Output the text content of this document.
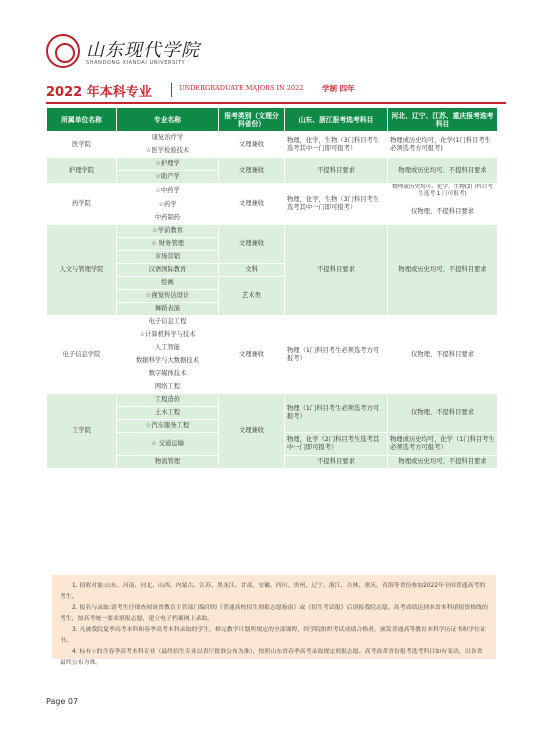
山东现代学院
SHANDONG XIANDAI UNIVERSITY
2022 年本科专业	UNDERGRADUATE MAJORS IN 2022 学制 四年
所属单位名称	专业名称	报考类别（文理分科省份）	山东、浙江报考选考科目	河北、辽宁、江苏、重庆报考选考科目
医学院	康复治疗学	文理兼收	物理，化学，生物（3门科目考生选考其中一门即可报考）	物理或历史均可，化学(1门科目考生必须选考方可报考)
	☆医学检验技术			
护理学院	☆护理学	文理兼收	不提科目要求	物理或历史均可、不提科目要求
	☆助产学			
药学院	☆中药学	文理兼收	物理，化学，生物（3门科目考生选考其中一门即可报考）	物理或历史均可、化学、生物(2门科目考生选考 1 门可报考)
	☆药学			仅物理、不提科目要求
	中药制药			
人文与管理学院	☆学前教育	文理兼收	不提科目要求	物理或历史均可、不提科目要求
	☆ 财务管理			
	市场营销			
	汉语国际教育	文科		
	绘画	艺术类		
	☆视觉传达设计			
	舞蹈表演			
电子信息学院	电子信息工程	文理兼收	物理（1门科目考生必须选考方可报考）	仅物理、不提科目要求
	☆计算机科学与技术			
	人工智能			
	数据科学与大数据技术			
	数字媒体技术			
	网络工程			
工学院	工程造价	文理兼收	物理（1门科目考生必须选考方可报考）	仅物理、不提科目要求
	土木工程			
	☆汽车服务工程			
	☆ 交通运输		物理，化学（2门科目考生选考其中一门即可报考）	物理或历史均可，化学（1门科目考生必须选考方可报考）
	物流管理		不提科目要求	物理或历史均可、不提科目要求

1. 招收对象:山东、河南、河北、山西、内蒙古、江苏、黑龙江、甘肃、安徽、四川、贵州、辽宁、浙江、吉林、重庆、青海等省份参加2022年全国普通高考的考生。

2. 报名与录取:请考生仔细查阅该省教育主管部门编印的《普通高校招生填报志愿指南》或《招生考试报》后填报我院志愿。高考成绩达到本省本科填报资格线的考生，按高考统一要求填报志愿，建立电子档案网上录取。

3. 凡被我院夏季高考本科和春季高考本科录取的学生，修完教学计划所规定的全部课程，经学院组织考试成绩合格者，颁发普通高等教育本科学历证书和学位证书。

4. 标有☆的含春季高考本科专业（最终招生专业以省厅批准公布为准），按照山东省春季高考录取规定填报志愿。高考改革省份报考选考科目如有变动，以各省最终公布为准。

Page 07
